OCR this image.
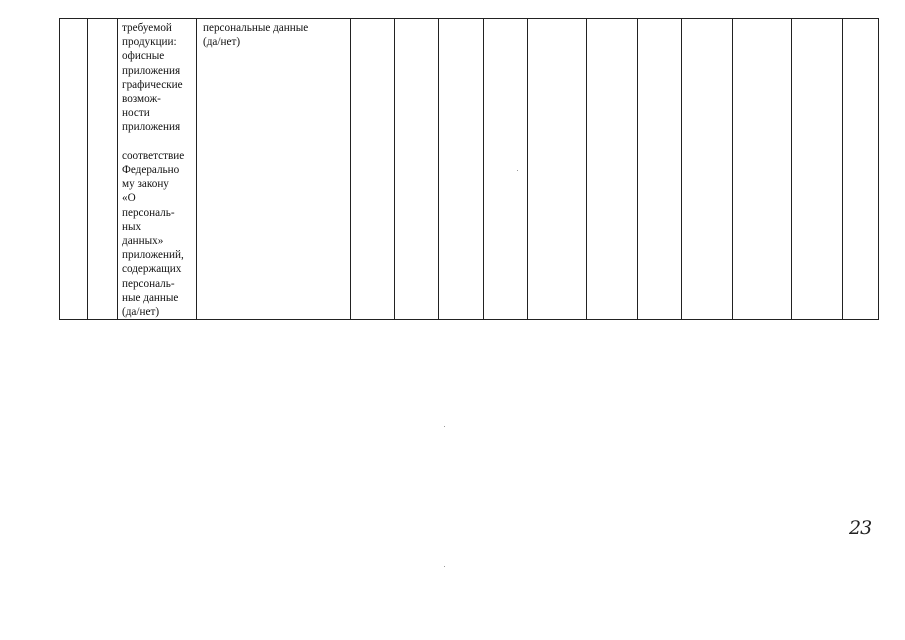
требуемой
продукции:
офисные
приложения
графические
возмож-
ности
приложения
соответствие
Федерально
му закону
«О
персональ-
ных
данных»
приложений,
содержащих
персональ-
ные данные
(да/нет)
персональные данные
(да/нет)
23
